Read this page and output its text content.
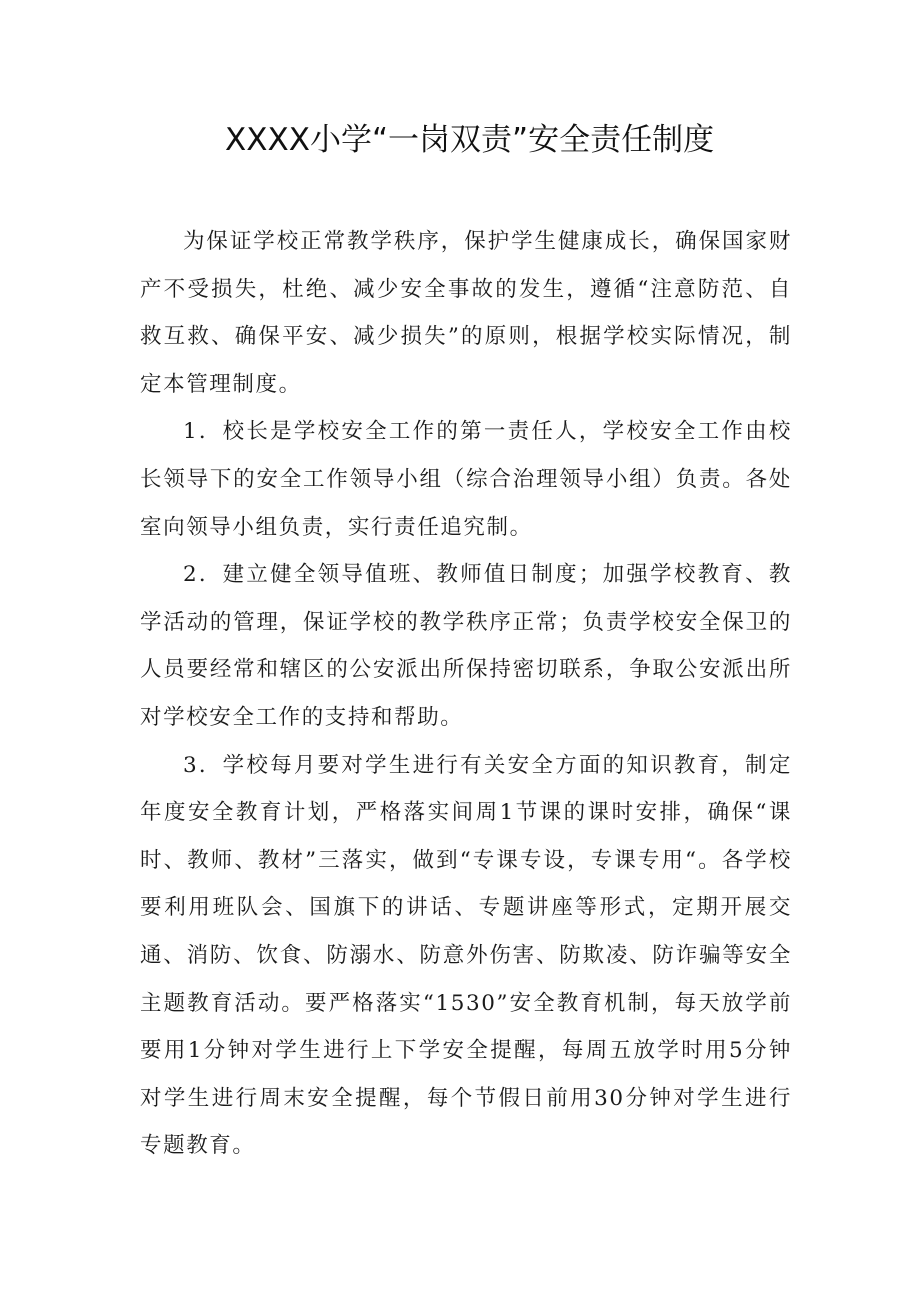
XXXX小学“一岗双责”安全责任制度

为保证学校正常教学秩序，保护学生健康成长，确保国家财产不受损失，杜绝、减少安全事故的发生，遵循“注意防范、自救互救、确保平安、减少损失”的原则，根据学校实际情况，制定本管理制度。

1．校长是学校安全工作的第一责任人，学校安全工作由校长领导下的安全工作领导小组（综合治理领导小组）负责。各处室向领导小组负责，实行责任追究制。

2．建立健全领导值班、教师值日制度；加强学校教育、教学活动的管理，保证学校的教学秩序正常；负责学校安全保卫的人员要经常和辖区的公安派出所保持密切联系，争取公安派出所对学校安全工作的支持和帮助。

3．学校每月要对学生进行有关安全方面的知识教育，制定年度安全教育计划，严格落实间周1节课的课时安排，确保“课时、教师、教材”三落实，做到“专课专设，专课专用“。各学校要利用班队会、国旗下的讲话、专题讲座等形式，定期开展交通、消防、饮食、防溺水、防意外伤害、防欺凌、防诈骗等安全主题教育活动。要严格落实“1530”安全教育机制，每天放学前要用1分钟对学生进行上下学安全提醒，每周五放学时用5分钟对学生进行周末安全提醒，每个节假日前用30分钟对学生进行专题教育。
